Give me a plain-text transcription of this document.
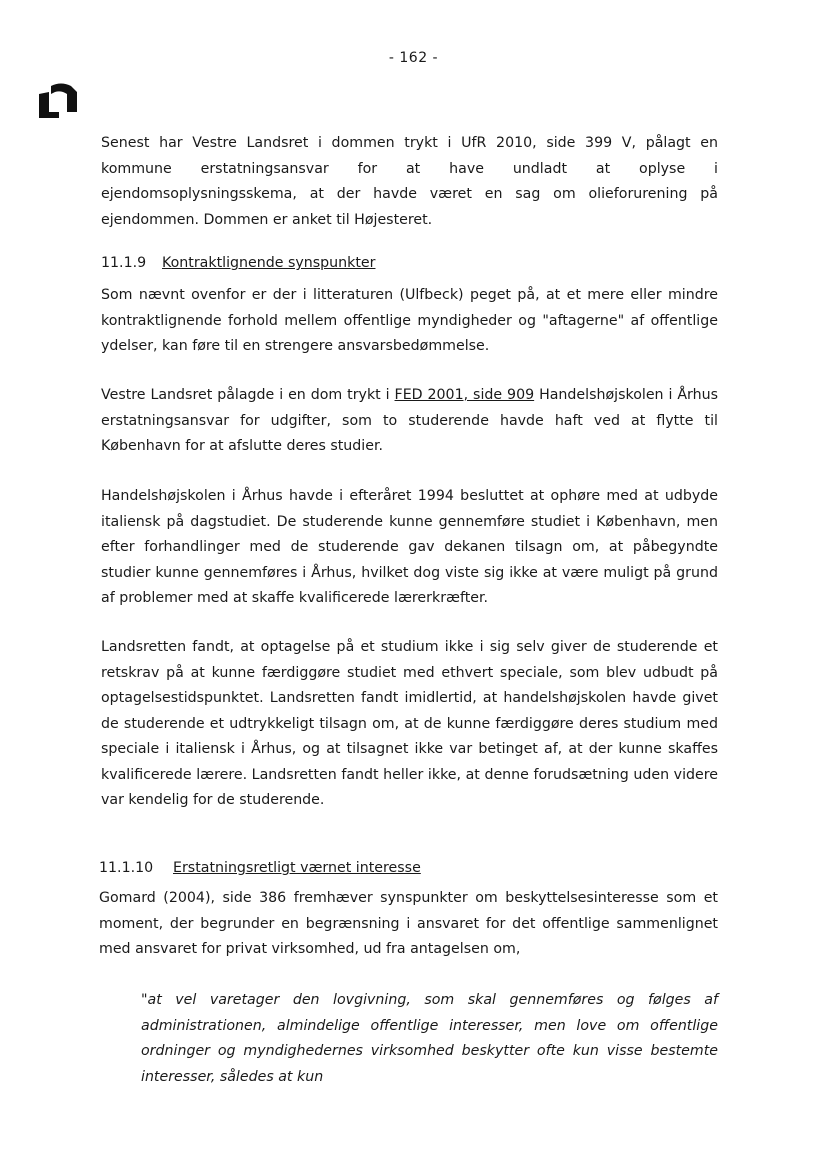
- 162 -

Senest har Vestre Landsret i dommen trykt i UfR 2010, side 399 V, pålagt en kommune erstatningsansvar for at have undladt at oplyse i ejendomsoplysningsskema, at der havde været en sag om olieforurening på ejendommen. Dommen er anket til Højesteret.

11.1.9 Kontraktlignende synspunkter

Som nævnt ovenfor er der i litteraturen (Ulfbeck) peget på, at et mere eller mindre kontraktlignende forhold mellem offentlige myndigheder og "aftagerne" af offentlige ydelser, kan føre til en strengere ansvarsbedømmelse.

Vestre Landsret pålagde i en dom trykt i FED 2001, side 909 Handelshøjskolen i Århus erstatningsansvar for udgifter, som to studerende havde haft ved at flytte til København for at afslutte deres studier.

Handelshøjskolen i Århus havde i efteråret 1994 besluttet at ophøre med at udbyde italiensk på dagstudiet. De studerende kunne gennemføre studiet i København, men efter forhandlinger med de studerende gav dekanen tilsagn om, at påbegyndte studier kunne gennemføres i Århus, hvilket dog viste sig ikke at være muligt på grund af problemer med at skaffe kvalificerede lærerkræfter.

Landsretten fandt, at optagelse på et studium ikke i sig selv giver de studerende et retskrav på at kunne færdiggøre studiet med ethvert speciale, som blev udbudt på optagelsestidspunktet. Landsretten fandt imidlertid, at handelshøjskolen havde givet de studerende et udtrykkeligt tilsagn om, at de kunne færdiggøre deres studium med speciale i italiensk i Århus, og at tilsagnet ikke var betinget af, at der kunne skaffes kvalificerede lærere. Landsretten fandt heller ikke, at denne forudsætning uden videre var kendelig for de studerende.

11.1.10 Erstatningsretligt værnet interesse

Gomard (2004), side 386 fremhæver synspunkter om beskyttelsesinteresse som et moment, der begrunder en begrænsning i ansvaret for det offentlige sammenlignet med ansvaret for privat virksomhed, ud fra antagelsen om,

"at vel varetager den lovgivning, som skal gennemføres og følges af administrationen, almindelige offentlige interesser, men love om offentlige ordninger og myndighedernes virksomhed beskytter ofte kun visse bestemte interesser, således at kun
